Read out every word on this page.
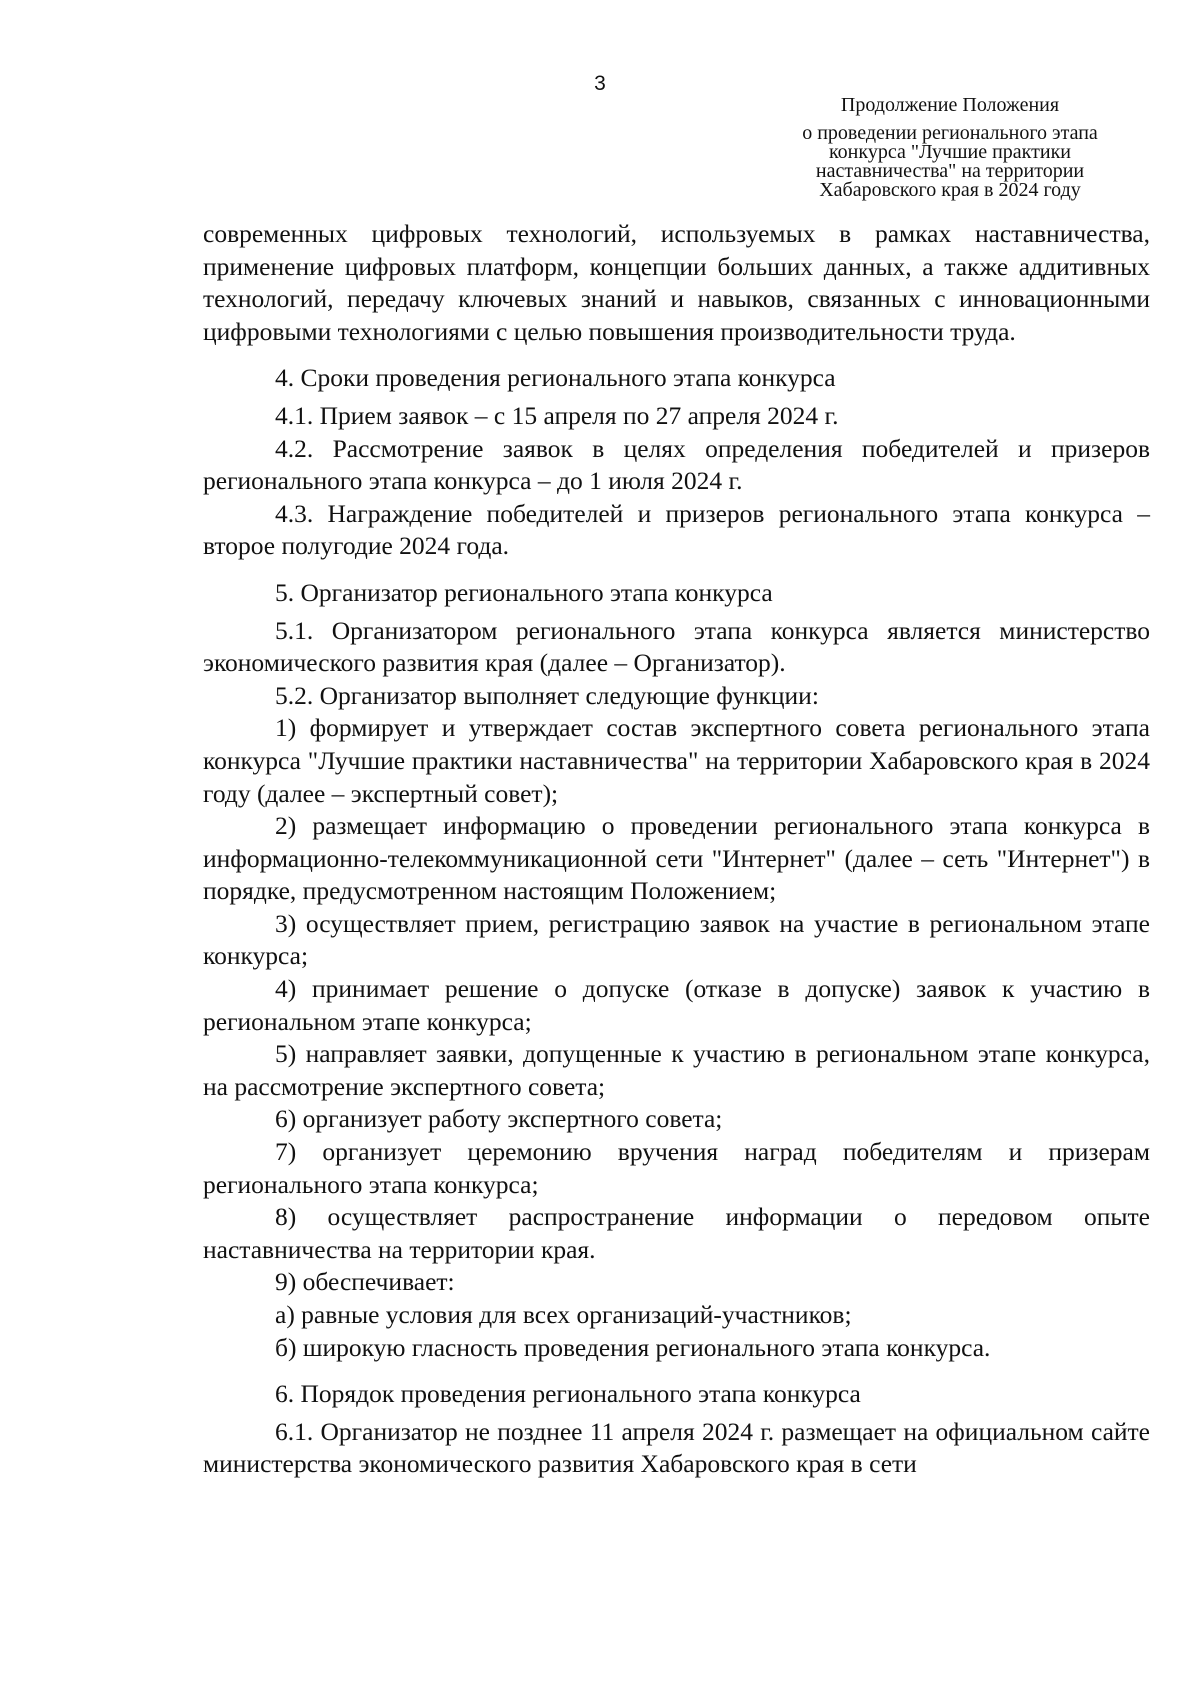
3
Продолжение Положения
о проведении регионального этапа
конкурса "Лучшие практики
наставничества" на территории
Хабаровского края в 2024 году

современных цифровых технологий, используемых в рамках наставничества, применение цифровых платформ, концепции больших данных, а также аддитивных технологий, передачу ключевых знаний и навыков, связанных с инновационными цифровыми технологиями с целью повышения производительности труда.

4. Сроки проведения регионального этапа конкурса

4.1. Прием заявок – с 15 апреля по 27 апреля 2024 г.

4.2. Рассмотрение заявок в целях определения победителей и призеров регионального этапа конкурса – до 1 июля 2024 г.

4.3. Награждение победителей и призеров регионального этапа конкурса – второе полугодие 2024 года.

5. Организатор регионального этапа конкурса

5.1. Организатором регионального этапа конкурса является министерство экономического развития края (далее – Организатор).

5.2. Организатор выполняет следующие функции:

1) формирует и утверждает состав экспертного совета регионального этапа конкурса "Лучшие практики наставничества" на территории Хабаровского края в 2024 году (далее – экспертный совет);

2) размещает информацию о проведении регионального этапа конкурса в информационно-телекоммуникационной сети "Интернет" (далее – сеть "Интернет") в порядке, предусмотренном настоящим Положением;

3) осуществляет прием, регистрацию заявок на участие в региональном этапе конкурса;

4) принимает решение о допуске (отказе в допуске) заявок к участию в региональном этапе конкурса;

5) направляет заявки, допущенные к участию в региональном этапе конкурса, на рассмотрение экспертного совета;

6) организует работу экспертного совета;

7) организует церемонию вручения наград победителям и призерам регионального этапа конкурса;

8) осуществляет распространение информации о передовом опыте наставничества на территории края.

9) обеспечивает:

а) равные условия для всех организаций-участников;

б) широкую гласность проведения регионального этапа конкурса.

6. Порядок проведения регионального этапа конкурса

6.1. Организатор не позднее 11 апреля 2024 г. размещает на официальном сайте министерства экономического развития Хабаровского края в сети
